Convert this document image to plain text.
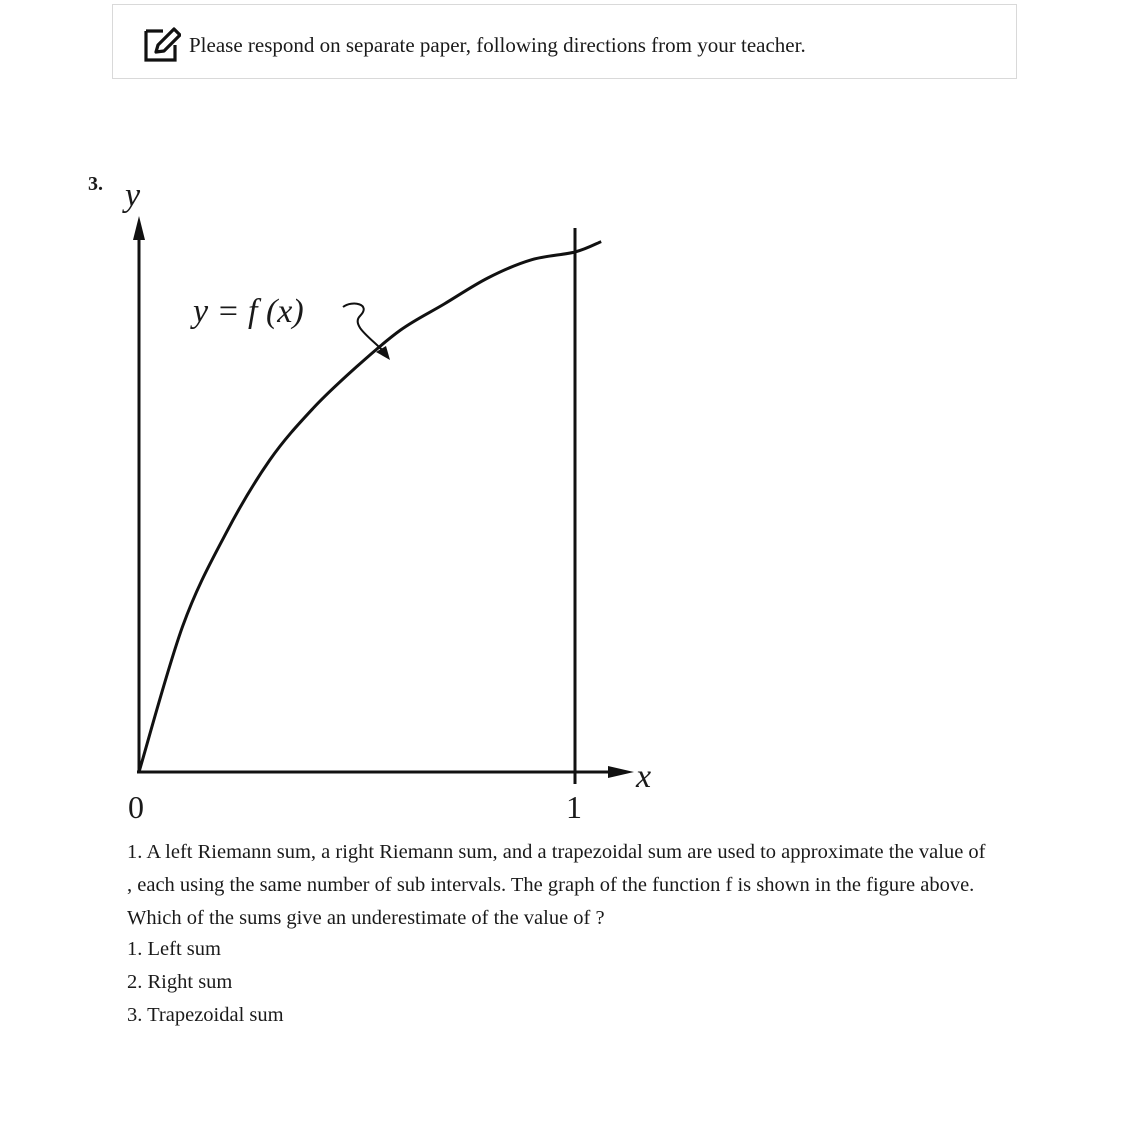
Please respond on separate paper, following directions from your teacher.
3. y
x
y = f (x)
0	1

1. A left Riemann sum, a right Riemann sum, and a trapezoidal sum are used to approximate the value of

, each using the same number of sub intervals. The graph of the function f is shown in the figure above.

Which of the sums give an underestimate of the value of ?

1. Left sum
2. Right sum
3. Trapezoidal sum
